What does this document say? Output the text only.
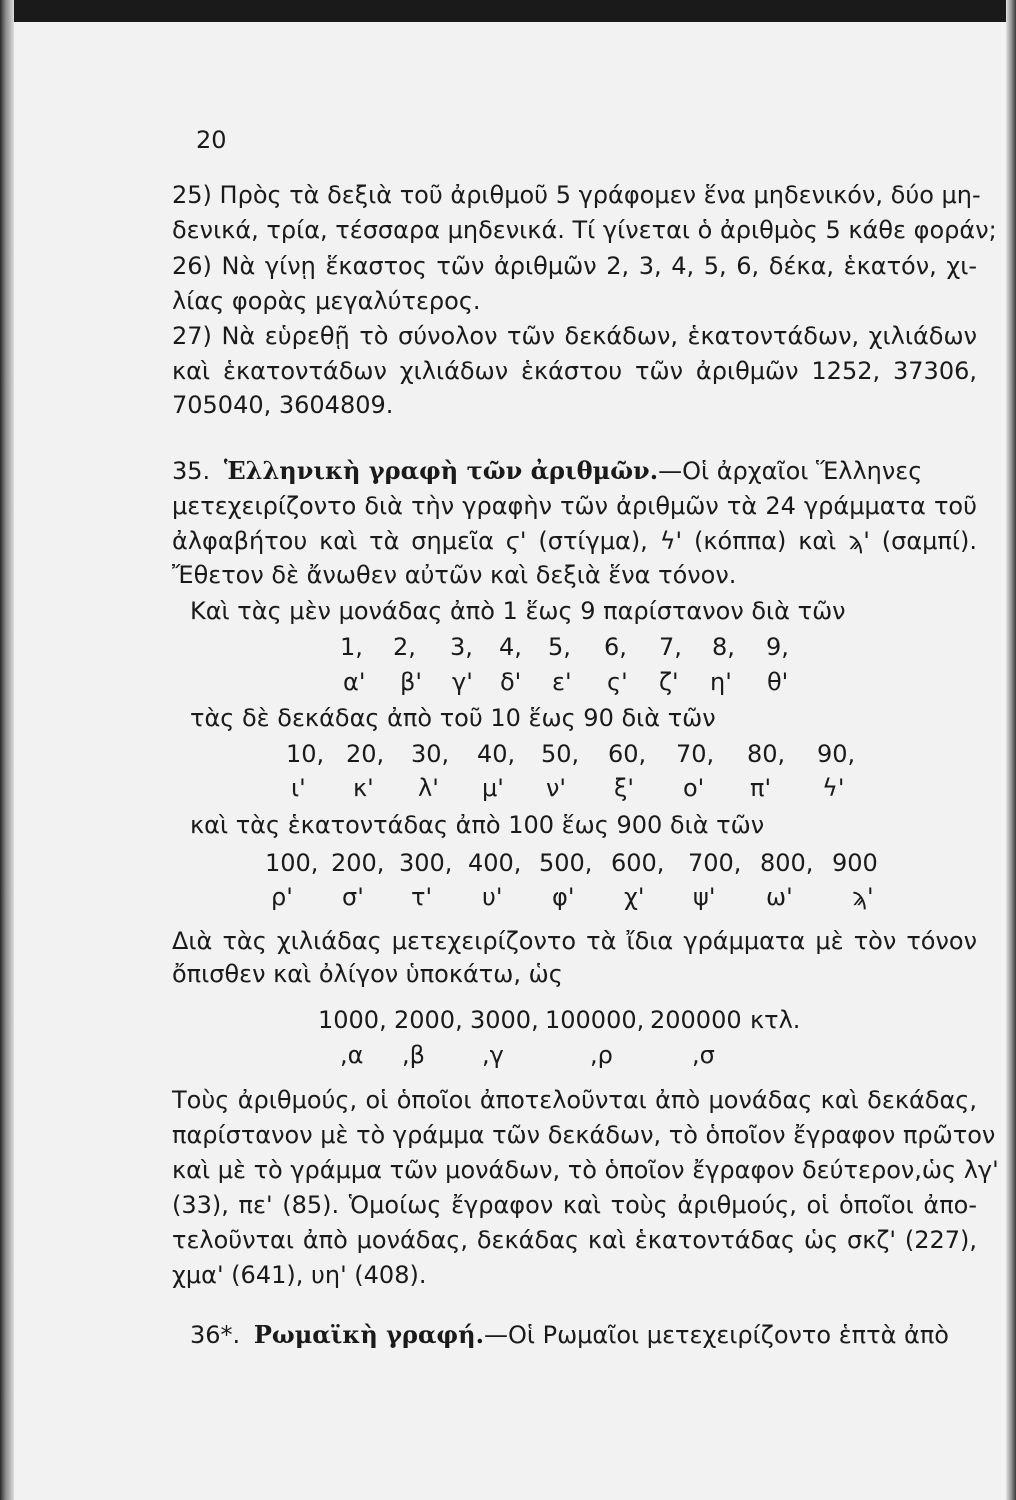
20
25) Πρὸς τὰ δεξιὰ τοῦ ἀριθμοῦ 5 γράφομεν ἕνα μηδενικόν, δύο μη-
δενικά, τρία, τέσσαρα μηδενικά. Τί γίνεται ὁ ἀριθμὸς 5 κάθε φοράν;
26) Νὰ γίνῃ ἕκαστος τῶν ἀριθμῶν 2, 3, 4, 5, 6, δέκα, ἑκατόν, χι-
λίας φορὰς μεγαλύτερος.
27) Νὰ εὑρεθῇ τὸ σύνολον τῶν δεκάδων, ἑκατοντάδων, χιλιάδων
καὶ ἑκατοντάδων χιλιάδων ἑκάστου τῶν ἀριθμῶν 1252, 37306,
705040, 3604809.
35. Ἑλληνικὴ γραφὴ τῶν ἀριθμῶν.—Οἱ ἀρχαῖοι Ἕλληνες
μετεχειρίζοντο διὰ τὴν γραφὴν τῶν ἀριθμῶν τὰ 24 γράμματα τοῦ
ἀλφαβήτου καὶ τὰ σημεῖα ϛ' (στίγμα), ϟ' (κόππα) καὶ ϡ' (σαμπί).
Ἔθετον δὲ ἄνωθεν αὐτῶν καὶ δεξιὰ ἕνα τόνον.
Καὶ τὰς μὲν μονάδας ἀπὸ 1 ἕως 9 παρίστανον διὰ τῶν
1, 2, 3, 4, 5, 6, 7, 8, 9,
α' β' γ' δ' ε' ς' ζ' η' θ'
τὰς δὲ δεκάδας ἀπὸ τοῦ 10 ἕως 90 διὰ τῶν
10, 20, 30, 40, 50, 60, 70, 80, 90,
ι' κ' λ' μ' ν' ξ' ο' π' ϟ'
καὶ τὰς ἑκατοντάδας ἀπὸ 100 ἕως 900 διὰ τῶν
100, 200, 300, 400, 500, 600, 700, 800, 900
ρ' σ' τ' υ' φ' χ' ψ' ω' ϡ'
Διὰ τὰς χιλιάδας μετεχειρίζοντο τὰ ἴδια γράμματα μὲ τὸν τόνον
ὄπισθεν καὶ ὀλίγον ὑποκάτω, ὡς
1000, 2000, 3000, 100000, 200000 κτλ.
,α ,β ,γ	,ρ	,σ
Τοὺς ἀριθμούς, οἱ ὁποῖοι ἀποτελοῦνται ἀπὸ μονάδας καὶ δεκάδας,
παρίστανον μὲ τὸ γράμμα τῶν δεκάδων, τὸ ὁποῖον ἔγραφον πρῶτον
καὶ μὲ τὸ γράμμα τῶν μονάδων, τὸ ὁποῖον ἔγραφον δεύτερον,ὡς λγ'
(33), πε' (85). Ὁμοίως ἔγραφον καὶ τοὺς ἀριθμούς, οἱ ὁποῖοι ἀπο-
τελοῦνται ἀπὸ μονάδας, δεκάδας καὶ ἑκατοντάδας ὡς σκζ' (227),
χμα' (641), υη' (408).
36*. Ρωμαϊκὴ γραφή.—Οἱ Ρωμαῖοι μετεχειρίζοντο ἑπτὰ ἀπὸ
